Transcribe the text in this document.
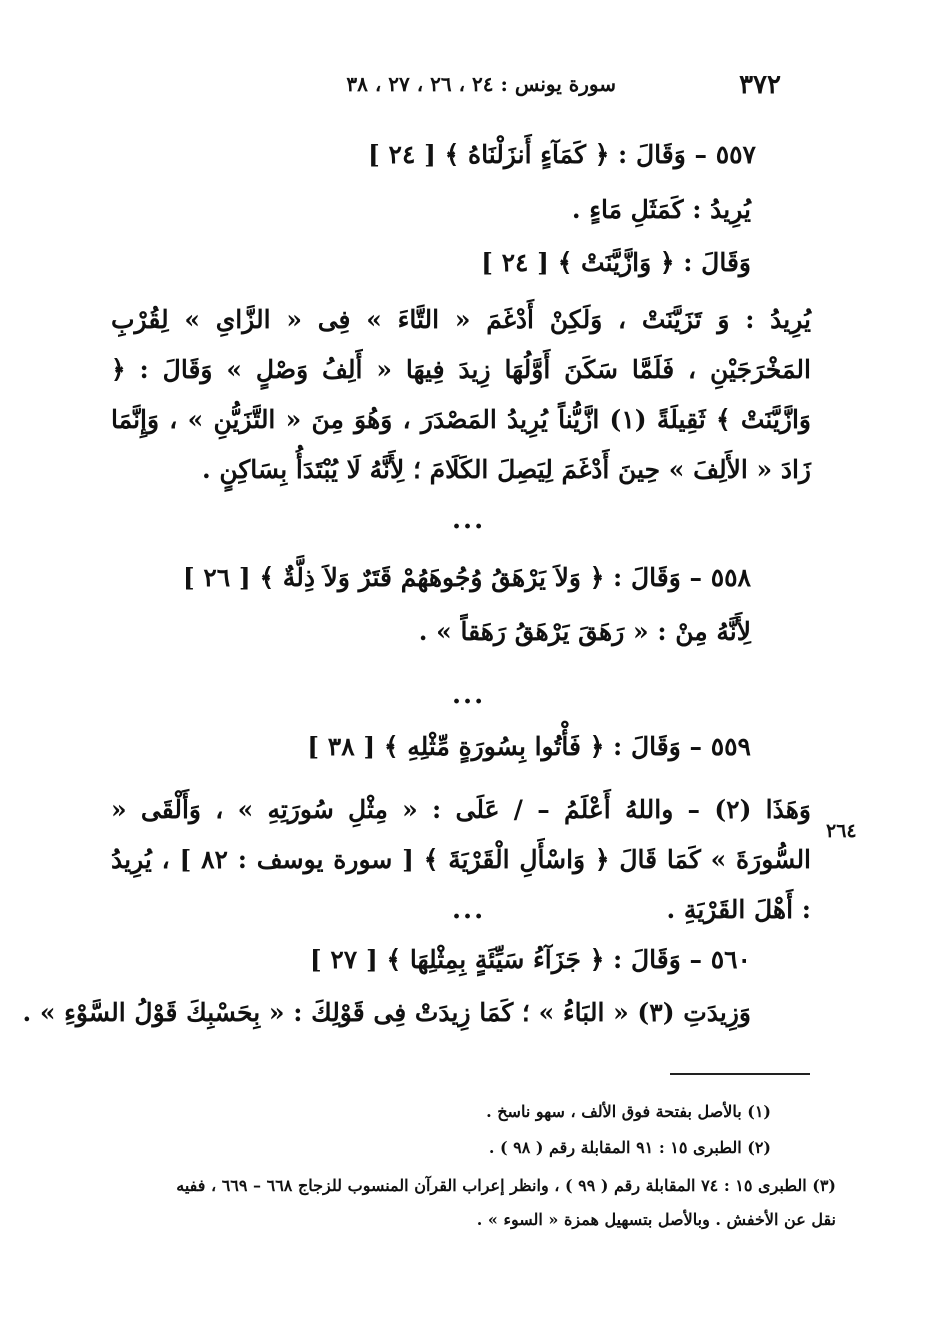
٣٧٢
سورة يونس : ٢٤ ، ٢٦ ، ٢٧ ، ٣٨
٥٥٧ – وَقَالَ : ﴿ كَمَآءٍ أَنزَلْنَاهُ ﴾ [ ٢٤ ]
يُرِيدُ : كَمَثَلِ مَاءٍ .
وَقَالَ : ﴿ وَازَّيَّنَتْ ﴾ [ ٢٤ ]
يُرِيدُ : وَ تَزَيَّنَتْ ، وَلَكِنْ أَدْغَمَ « التَّاءَ » فِى « الزَّاىِ » لِقُرْبِ المَخْرَجَيْنِ ، فَلَمَّا سَكَنَ أَوَّلُهَا زِيدَ فِيهَا « أَلِفُ وَصْلٍ » وَقَالَ : ﴿ وَازَّيَّنَتْ ﴾ ثَقِيلَةً (١) ازَّيُّناً يُرِيدُ المَصْدَرَ ، وَهُوَ مِنَ « التَّزَيُّنِ » ، وَإِنَّمَا زَادَ « الأَلِفَ » حِينَ أَدْغَمَ لِيَصِلَ الكَلَامَ ؛ لِأَنَّهُ لَا يُبْتَدَأُ بِسَاكِنٍ .
...
٥٥٨ – وَقَالَ : ﴿ وَلاَ يَرْهَقُ وُجُوهَهُمْ قَتَرٌ وَلاَ ذِلَّةٌ ﴾ [ ٢٦ ]
لِأَنَّهُ مِنْ : « رَهَقَ يَرْهَقُ رَهَقاً » .
...
٥٥٩ – وَقَالَ : ﴿ فَأْتُوا بِسُورَةٍ مِّثْلِهِ ﴾ [ ٣٨ ]
وَهَذَا (٢) – واللهُ أَعْلَمُ – / عَلَى : « مِثْلِ سُورَتِهِ » ، وَأَلْقَى « السُّورَةَ » كَمَا قَالَ ﴿ وَاسْأَلِ الْقَرْيَةَ ﴾ [ سورة يوسف : ٨٢ ] ، يُرِيدُ : أَهْلَ القَرْيَةِ .
٢٦٤
...
٥٦٠ – وَقَالَ : ﴿ جَزَآءُ سَيِّئَةٍ بِمِثْلِهَا ﴾ [ ٢٧ ]
وَزِيدَتِ (٣) « البَاءُ » ؛ كَمَا زِيدَتْ فِى قَوْلِكَ : « بِحَسْبِكَ قَوْلُ السَّوْءِ » .
(١) بالأصل بفتحة فوق الألف ، سهو ناسخ .
(٢) الطبرى ١٥ : ٩١ المقابلة رقم ( ٩٨ ) .
(٣) الطبرى ١٥ : ٧٤ المقابلة رقم ( ٩٩ ) ، وانظر إعراب القرآن المنسوب للزجاج ٦٦٨ – ٦٦٩ ، ففيه
نقل عن الأخفش . وبالأصل بتسهيل همزة « السوء » .
